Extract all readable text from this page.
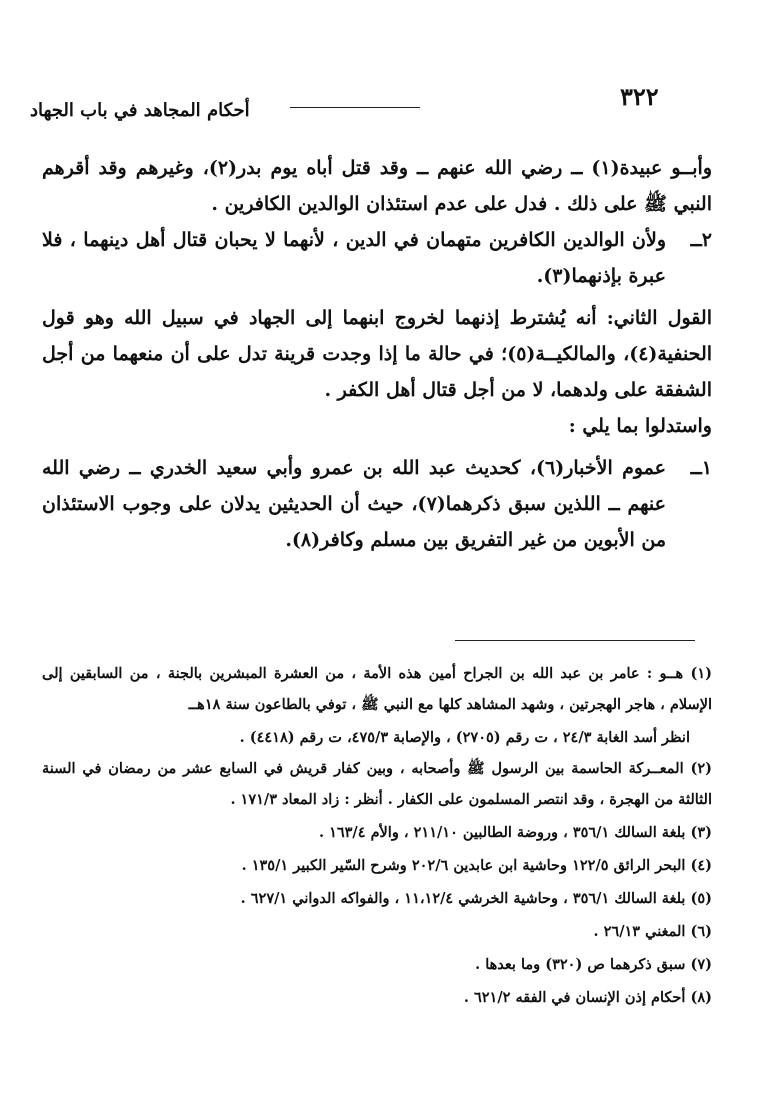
٣٢٢
أحكام المجاهد في باب الجهاد

وأبــو عبيدة(١) ــ رضي الله عنهم ــ وقد قتل أباه يوم بدر(٢)، وغيرهم وقد أقرهم النبي ﷺ على ذلك . فدل على عدم استئذان الوالدين الكافرين .

٢ــ
ولأن الوالدين الكافرين متهمان في الدين ، لأنهما لا يحبان قتال أهل دينهما ، فلا عبرة بإذنهما(٣).

القول الثاني: أنه يُشترط إذنهما لخروج ابنهما إلى الجهاد في سبيل الله وهو قول الحنفية(٤)، والمالكيــة(٥)؛ في حالة ما إذا وجدت قرينة تدل على أن منعهما من أجل الشفقة على ولدهما، لا من أجل قتال أهل الكفر .

واستدلوا بما يلي :

١ــ
عموم الأخبار(٦)، كحديث عبد الله بن عمرو وأبي سعيد الخدري ــ رضي الله عنهم ــ اللذين سبق ذكرهما(٧)، حيث أن الحديثين يدلان على وجوب الاستئذان من الأبوين من غير التفريق بين مسلم وكافر(٨).

(١) هــو : عامر بن عبد الله بن الجراح أمين هذه الأمة ، من العشرة المبشرين بالجنة ، من السابقين إلى الإسلام ، هاجر الهجرتين ، وشهد المشاهد كلها مع النبي ﷺ ، توفي بالطاعون سنة ١٨هــ

انظر أسد الغابة ٢٤/٣ ، ت رقم (٢٧٠٥) ، والإصابة ٤٧٥/٣، ت رقم (٤٤١٨) .

(٢) المعــركة الحاسمة بين الرسول ﷺ وأصحابه ، وبين كفار قريش في السابع عشر من رمضان في السنة الثالثة من الهجرة ، وقد انتصر المسلمون على الكفار . أنظر : زاد المعاد ١٧١/٣ .

(٣) بلغة السالك ٣٥٦/١ ، وروضة الطالبين ٢١١/١٠ ، والأم ١٦٣/٤ .

(٤) البحر الرائق ١٢٢/٥ وحاشية ابن عابدين ٢٠٢/٦ وشرح السّير الكبير ١٣٥/١ .

(٥) بلغة السالك ٣٥٦/١ ، وحاشية الخرشي ١١،١٢/٤ ، والفواكه الدواني ٦٢٧/١ .

(٦) المغني ٢٦/١٣ .

(٧) سبق ذكرهما ص (٣٢٠) وما بعدها .

(٨) أحكام إذن الإنسان في الفقه ٦٢١/٢ .
